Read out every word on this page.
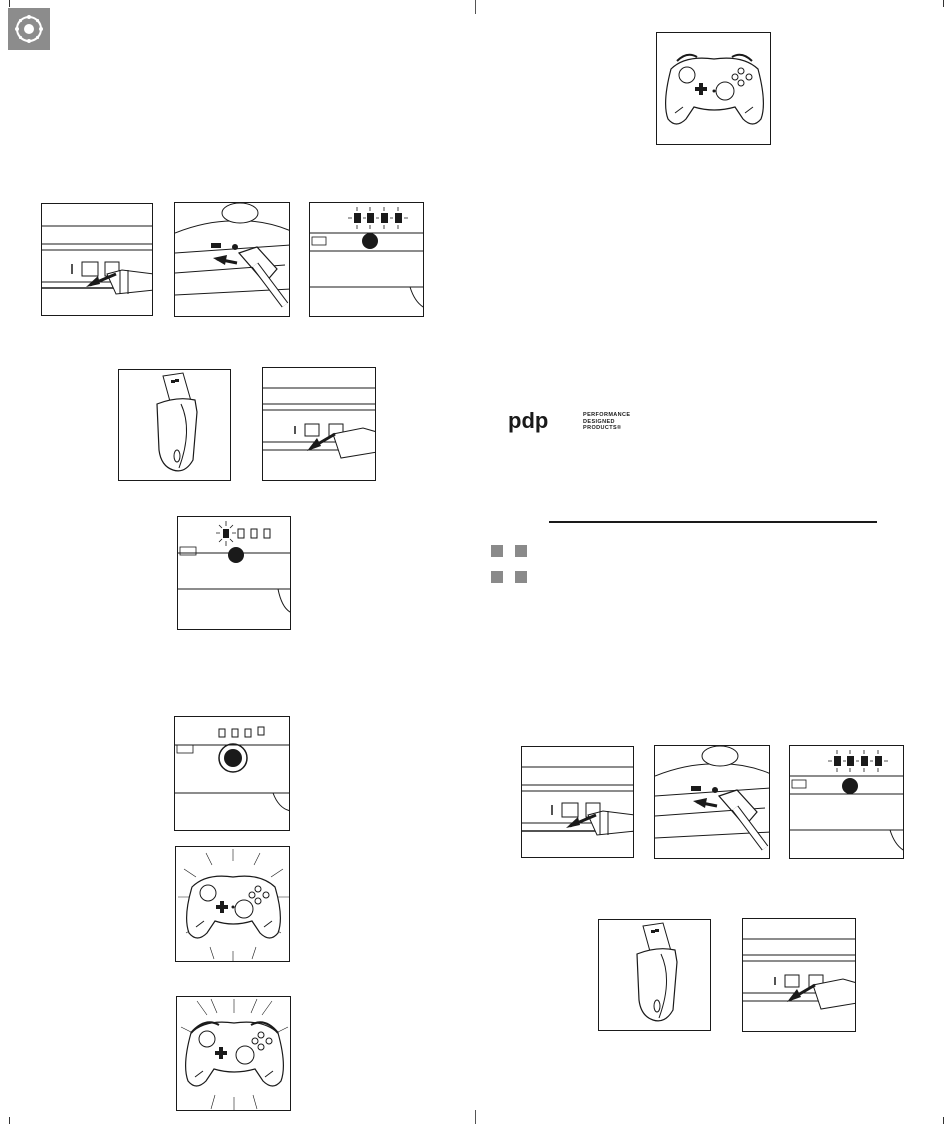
pdp	PERFORMANCE
DESIGNED
PRODUCTS®
